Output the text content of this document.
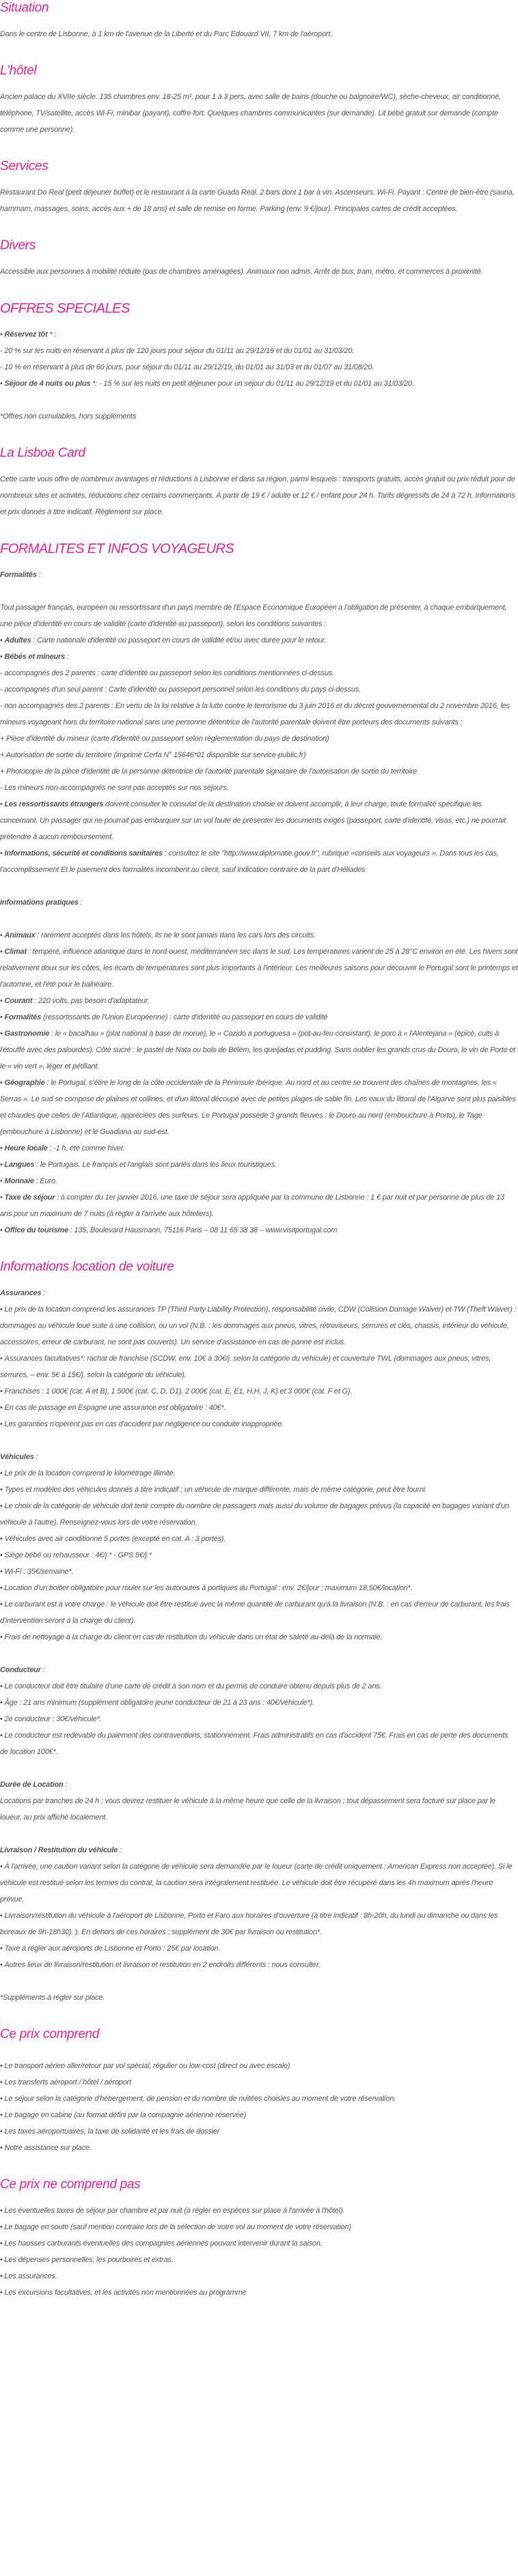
Situation

Dans le centre de Lisbonne, à 1 km de l'avenue de la Liberté et du Parc Edouard VII, 7 km de l'aéroport.

L'hôtel

Ancien palace du XVIIe siècle. 135 chambres env. 18-25 m², pour 1 à 3 pers, avec salle de bains (douche ou baignoire/WC), sèche-cheveux, air conditionné, téléphone, TV/satellite, accès Wi-Fi, minibar (payant), coffre-fort. Quelques chambres communicantes (sur demande). Lit bébé gratuit sur demande (compte comme une personne).

Services

Restaurant Do Real (petit déjeuner buffet) et le restaurant à la carte Guada Real. 2 bars dont 1 bar à vin. Ascenseurs. Wi-Fi. Payant : Centre de bien-être (sauna, hammam, massages, soins, accès aux + de 18 ans) et salle de remise en forme. Parking (env. 9 €/jour). Principales cartes de crédit acceptées.

Divers

Accessible aux personnes à mobilité réduite (pas de chambres aménagées). Animaux non admis. Arrêt de bus, tram, métro, et commerces à proximité.

OFFRES SPECIALES

• Réservez tôt * :

- 20 % sur les nuits en réservant à plus de 120 jours pour séjour du 01/11 au 29/12/19 et du 01/01 au 31/03/20.

- 10 % en réservant à plus de 60 jours, pour séjour du 01/11 au 29/12/19, du 01/01 au 31/03 et du 01/07 au 31/08/20.

• Séjour de 4 nuits ou plus *: - 15 % sur les nuits en petit déjeuner pour un séjour du 01/11 au 29/12/19 et du 01/01 au 31/03/20.

*Offres non cumulables, hors suppléments

La Lisboa Card

Cette carte vous offre de nombreux avantages et réductions à Lisbonne et dans sa région, parmi lesquels : transports gratuits, accès gratuit ou prix réduit pour de nombreux sites et activités, réductions chez certains commerçants. À partir de 19 € / adulte et 12 € / enfant pour 24 h. Tarifs dégressifs de 24 à 72 h. Informations et prix donnés à titre indicatif. Règlement sur place.

FORMALITES ET INFOS VOYAGEURS

Formalités :

Tout passager français, européen ou ressortissant d'un pays membre de l'Espace Economique Européen a l'obligation de présenter, à chaque embarquement, une pièce d'identité en cours de validité (carte d'identité ou passeport), selon les conditions suivantes :

• Adultes : Carte nationale d'identité ou passeport en cours de validité et/ou avec durée pour le retour.

• Bébés et mineurs :

- accompagnés des 2 parents : carte d'identité ou passeport selon les conditions mentionnées ci-dessus.

- accompagnés d'un seul parent : Carte d'identité ou passeport personnel selon les conditions du pays ci-dessus.

- non accompagnés des 2 parents : En vertu de la loi relative à la lutte contre le terrorisme du 3 juin 2016 et du décret gouvernemental du 2 novembre 2016, les mineurs voyageant hors du territoire national sans une personne détentrice de l'autorité parentale doivent être porteurs des documents suivants :

+ Pièce d'identité du mineur (carte d'identité ou passeport selon règlementation du pays de destination)

+ Autorisation de sortie du territoire (imprimé Cerfa N° 15646*01 disponible sur service-public.fr)

+ Photocopie de la pièce d'identité de la personne détentrice de l'autorité parentale signataire de l'autorisation de sortie du territoire

- Les mineurs non-accompagnés ne sont pas acceptés sur nos séjours.

• Les ressortissants étrangers doivent consulter le consulat de la destination choisie et doivent accomplir, à leur charge, toute formalité spécifique les concernant. Un passager qui ne pourrait pas embarquer sur un vol faute de présenter les documents exigés (passeport, carte d'identité, visas, etc.) ne pourrait prétendre à aucun remboursement.

• Informations, sécurité et conditions sanitaires : consultez le site "http://www.diplomatie.gouv.fr", rubrique «conseils aux voyageurs ». Dans tous les cas, l'accomplissement Et le paiement des formalités incombent au client, sauf indication contraire de la part d'Héliades

Informations pratiques :

• Animaux : rarement acceptés dans les hôtels, ils ne le sont jamais dans les cars lors des circuits.

• Climat : tempéré, influence atlantique dans le nord-ouest, méditerranéen sec dans le sud. Les températures varient de 25 à 28°C environ en été. Les hivers sont relativement doux sur les côtes, les écarts de températures sont plus importants à l'intérieur. Les meilleures saisons pour découvrir le Portugal sont le printemps et l'automne, et l'été pour le balnéaire.

• Courant : 220 volts, pas besoin d'adaptateur.

• Formalités (ressortissants de l'Union Européenne) : carte d'identité ou passeport en cours de validité

• Gastronomie : le « bacalhau » (plat national à base de morue), le « Cozido a portuguesa » (pot-au-feu consistant), le porc à « l'Alentejana » (épicé, cuits à l'étouffé avec des palourdes). Côté sucré : le pastel de Nata ou bolo de Bélèm, les queijadas et pudding. Sans oublier les grands crus du Douro, le vin de Porto et le « vin vert », léger et pétillant.

• Géographie : le Portugal, s'étire le long de la côte occidentale de la Péninsule Ibérique. Au nord et au centre se trouvent des chaînes de montagnes, les « Serras ». Le sud se compose de plaines et collines, et d'un littoral découpé avec de petites plages de sable fin. Les eaux du littoral de l'Algarve sont plus paisibles et chaudes que celles de l'Atlantique, appréciées des surfeurs. Le Portugal possède 3 grands fleuves : le Douro au nord (embouchure à Porto), le Tage (embouchure à Lisbonne) et le Guadiana au sud-est.

• Heure locale : -1 h, été comme hiver.

• Langues : le Portugais. Le français et l'anglais sont parlés dans les lieux touristiques.

• Monnaie : Euro.

• Taxe de séjour : à compter du 1er janvier 2016, une taxe de séjour sera appliquée par la commune de Lisbonne : 1 € par nuit et par personne de plus de 13 ans pour un maximum de 7 nuits (à régler à l'arrivée aux hôteliers).

• Office du tourisme : 135, Boulevard Hausmann, 75116 Paris – 08 11 65 38 38 – www.visitportugal.com

Informations location de voiture

Assurances :

• Le prix de la location comprend les assurances TP (Third Party Liability Protection), responsabilité civile, CDW (Collision Damage Waiver) et TW (Theft Waiver) : dommages au véhicule loué suite à une collision, ou un vol (N.B. : les dommages aux pneus, vitres, rétroviseurs, serrures et clés, chassis, intérieur du véhicule, accessoires, erreur de carburant, ne sont pas couverts). Un service d'assistance en cas de panne est inclus.

• Assurances facultatives*: rachat de franchise (SCDW, env. 10€ à 30€/j. selon la catégorie du véhicule) et couverture TWL (dommages aux pneus, vitres, serrures, – env. 5€ à 15€/j. selon la catégorie du véhicule).

• Franchises : 1 000€ (cat. A et B), 1 500€ (cat. C, D, D1), 2 000€ (cat. E, E1, H,H, J, K) et 3 000€ (cat. F et G).

• En cas de passage en Espagne une assurance est obligatoire : 40€*.

• Les garanties n'opèrent pas en cas d'accident par négligence ou conduite inappropriée.

Véhicules :

• Le prix de la location comprend le kilométrage illimité.

• Types et modèles des véhicules donnés à titre indicatif ; un véhicule de marque différente, mais de même catégorie, peut être fourni.

• Le choix de la catégorie de véhicule doit tenir compte du nombre de passagers mais aussi du volume de bagages prévus (la capacité en bagages variant d'un véhicule à l'autre). Renseignez-vous lors de votre réservation.

• Véhicules avec air conditionné 5 portes (excepté en cat. A : 3 portes).

• Siège bébé ou rehausseur : 4€/j.* - GPS 5€/j.*

• Wi-Fi : 35€/semaine*.

• Location d'un boitier obligatoire pour rouler sur les autoroutes à portiques du Portugal : env. 2€/jour ; maximum 18,50€/location*.

• Le carburant est à votre charge : le véhicule doit être restitué avec la même quantité de carburant qu'à la livraison (N.B. : en cas d'erreur de carburant, les frais d'intervention seront à la charge du client).

• Frais de nettoyage à la charge du client en cas de restitution du véhicule dans un état de saleté au-delà de la normale.

Conducteur :

• Le conducteur doit être titulaire d'une carte de crédit à son nom et du permis de conduire obtenu depuis plus de 2 ans.

• Âge : 21 ans minimum (supplément obligatoire jeune conducteur de 21 à 23 ans : 40€/véhicule*).

• 2e conducteur : 30€/véhicule*.

• Le conducteur est redevable du paiement des contraventions, stationnement. Frais administratifs en cas d'accident 75€. Frais en cas de perte des documents de location 100€*.

Durée de Location :

Locations par tranches de 24 h ; vous devrez restituer le véhicule à la même heure que celle de la livraison ; tout dépassement sera facturé sur place par le loueur, au prix affiché localement.

Livraison / Restitution du véhicule :

• À l'arrivée, une caution variant selon la catégorie de véhicule sera demandée par le loueur (carte de crédit uniquement ; American Express non acceptée). Si le véhicule est restitué selon les termes du contrat, la caution sera intégralement restituée. Le véhicule doit être récupéré dans les 4h maximum après l'heure prévue.

• Livraison/restitution du véhicule à l'aéroport de Lisbonne, Porto et Faro aux horaires d'ouverture (à titre indicatif : 8h-20h, du lundi au dimanche ou dans les bureaux de 9h-18h30). ). En dehors de ces horaires : supplément de 30€ par livraison ou restitution*.

• Taxe à régler aux aéroports de Lisbonne et Porto : 25€ par location.

• Autres lieux de livraison/restitution et livraison et restitution en 2 endroits différents : nous consulter.

*Suppléments à régler sur place.

Ce prix comprend

• Le transport aérien aller/retour par vol spécial, régulier ou low-cost (direct ou avec escale)

• Les transferts aéroport / hôtel / aéroport

• Le séjour selon la catégorie d'hébergement, de pension et du nombre de nuitées choisies au moment de votre réservation.

• Le bagage en cabine (au format défini par la compagnie aérienne réservée)

• Les taxes aéroportuaires, la taxe de solidarité et les frais de dossier

• Notre assistance sur place.

Ce prix ne comprend pas

• Les éventuelles taxes de séjour par chambre et par nuit (à régler en espèces sur place à l'arrivée à l'hôtel).

• Le bagage en soute (sauf mention contraire lors de la sélection de votre vol au moment de votre réservation)

• Les hausses carburants éventuelles des compagnies aériennes pouvant intervenir durant la saison.

• Les dépenses personnelles, les pourboires et extras.

• Les assurances.

• Les excursions facultatives, et les activités non mentionnées au programme
